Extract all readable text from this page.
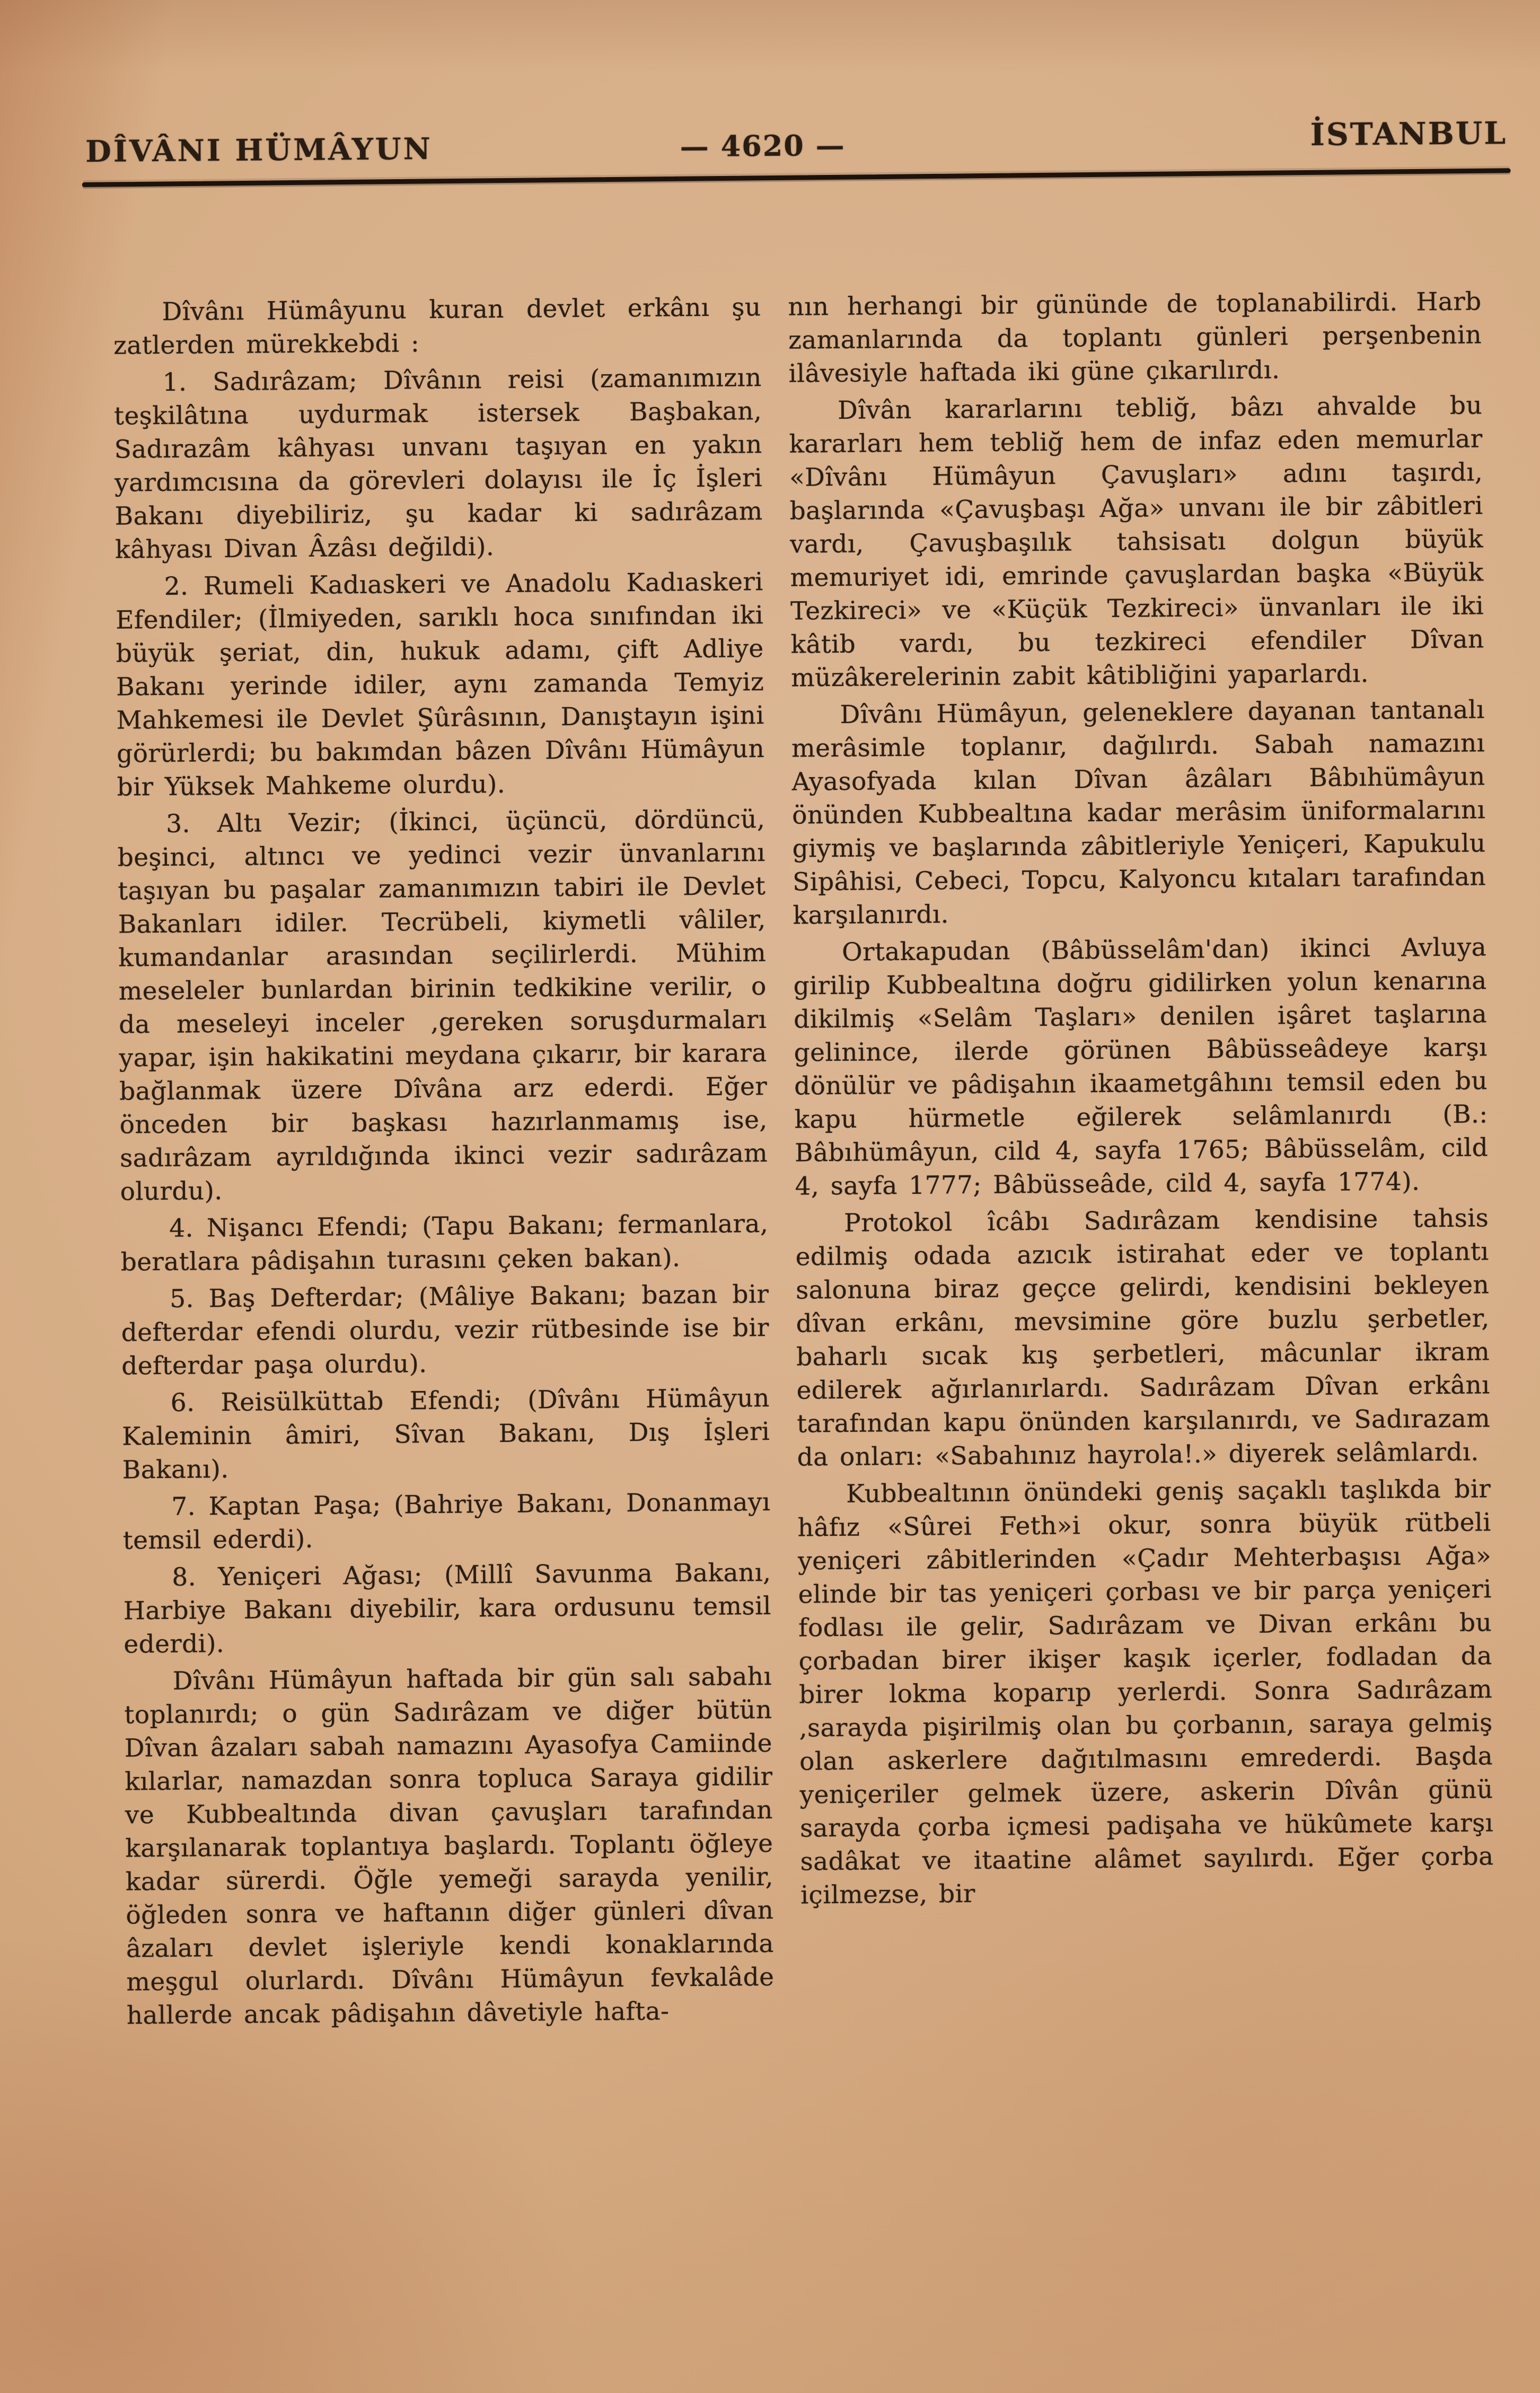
DÎVÂNI HÜMÂYUN	— 4620 —	İSTANBUL

Dîvânı Hümâyunu kuran devlet erkânı şu zatlerden mürekkebdi :

1. Sadırâzam; Dîvânın reisi (zamanımızın teşkilâtına uydurmak istersek Başbakan, Sadırazâm kâhyası unvanı taşıyan en yakın yardımcısına da görevleri dolayısı ile İç İşleri Bakanı diyebiliriz, şu kadar ki sadırâzam kâhyası Divan Âzâsı değildi).

2. Rumeli Kadıaskeri ve Anadolu Kadıaskeri Efendiler; (İlmiyeden, sarıklı hoca sınıfından iki büyük şeriat, din, hukuk adamı, çift Adliye Bakanı yerinde idiler, aynı zamanda Temyiz Mahkemesi ile Devlet Şûrâsının, Danıştayın işini görürlerdi; bu bakımdan bâzen Dîvânı Hümâyun bir Yüksek Mahkeme olurdu).

3. Altı Vezir; (İkinci, üçüncü, dördüncü, beşinci, altıncı ve yedinci vezir ünvanlarını taşıyan bu paşalar zamanımızın tabiri ile Devlet Bakanları idiler. Tecrübeli, kiymetli vâliler, kumandanlar arasından seçilirlerdi. Mühim meseleler bunlardan birinin tedkikine verilir, o da meseleyi inceler ,gereken soruşdurmaları yapar, işin hakikatini meydana çıkarır, bir karara bağlanmak üzere Dîvâna arz ederdi. Eğer önceden bir başkası hazırlanmamış ise, sadırâzam ayrıldığında ikinci vezir sadırâzam olurdu).

4. Nişancı Efendi; (Tapu Bakanı; fermanlara, beratlara pâdişahın turasını çeken bakan).

5. Baş Defterdar; (Mâliye Bakanı; bazan bir defterdar efendi olurdu, vezir rütbesinde ise bir defterdar paşa olurdu).

6. Reisülküttab Efendi; (Dîvânı Hümâyun Kaleminin âmiri, Sîvan Bakanı, Dış İşleri Bakanı).

7. Kaptan Paşa; (Bahriye Bakanı, Donanmayı temsil ederdi).

8. Yeniçeri Ağası; (Millî Savunma Bakanı, Harbiye Bakanı diyebilir, kara ordusunu temsil ederdi).

Dîvânı Hümâyun haftada bir gün salı sabahı toplanırdı; o gün Sadırâzam ve diğer bütün Dîvan âzaları sabah namazını Ayasofya Camiinde kılarlar, namazdan sonra topluca Saraya gidilir ve Kubbealtında divan çavuşları tarafından karşılanarak toplantıya başlardı. Toplantı öğleye kadar sürerdi. Öğle yemeği sarayda yenilir, öğleden sonra ve haftanın diğer günleri dîvan âzaları devlet işleriyle kendi konaklarında meşgul olurlardı. Dîvânı Hümâyun fevkalâde hallerde ancak pâdişahın dâvetiyle hafta-

nın herhangi bir gününde de toplanabilirdi. Harb zamanlarında da toplantı günleri perşenbenin ilâvesiyle haftada iki güne çıkarılırdı.

Dîvân kararlarını tebliğ, bâzı ahvalde bu kararları hem tebliğ hem de infaz eden memurlar «Dîvânı Hümâyun Çavuşları» adını taşırdı, başlarında «Çavuşbaşı Ağa» unvanı ile bir zâbitleri vardı, Çavuşbaşılık tahsisatı dolgun büyük memuriyet idi, emrinde çavuşlardan başka «Büyük Tezkireci» ve «Küçük Tezkireci» ünvanları ile iki kâtib vardı, bu tezkireci efendiler Dîvan müzâkerelerinin zabit kâtibliğini yaparlardı.

Dîvânı Hümâyun, geleneklere dayanan tantanalı merâsimle toplanır, dağılırdı. Sabah namazını Ayasofyada kılan Dîvan âzâları Bâbıhümâyun önünden Kubbealtına kadar merâsim üniformalarını giymiş ve başlarında zâbitleriyle Yeniçeri, Kapukulu Sipâhisi, Cebeci, Topcu, Kalyoncu kıtaları tarafından karşılanırdı.

Ortakapudan (Bâbüsselâm'dan) ikinci Avluya girilip Kubbealtına doğru gidilirken yolun kenarına dikilmiş «Selâm Taşları» denilen işâret taşlarına gelinince, ilerde görünen Bâbüsseâdeye karşı dönülür ve pâdişahın ikaametgâhını temsil eden bu kapu hürmetle eğilerek selâmlanırdı (B.: Bâbıhümâyun, cild 4, sayfa 1765; Bâbüsselâm, cild 4, sayfa 1777; Bâbüsseâde, cild 4, sayfa 1774).

Protokol îcâbı Sadırâzam kendisine tahsis edilmiş odada azıcık istirahat eder ve toplantı salonuna biraz geçce gelirdi, kendisini bekleyen dîvan erkânı, mevsimine göre buzlu şerbetler, baharlı sıcak kış şerbetleri, mâcunlar ikram edilerek ağırlanırlardı. Sadırâzam Dîvan erkânı tarafından kapu önünden karşılanırdı, ve Sadırazam da onları: «Sabahınız hayrola!.» diyerek selâmlardı.

Kubbealtının önündeki geniş saçaklı taşlıkda bir hâfız «Sûrei Feth»i okur, sonra büyük rütbeli yeniçeri zâbitlerinden «Çadır Mehterbaşısı Ağa» elinde bir tas yeniçeri çorbası ve bir parça yeniçeri fodlası ile gelir, Sadırâzam ve Divan erkânı bu çorbadan birer ikişer kaşık içerler, fodladan da birer lokma koparıp yerlerdi. Sonra Sadırâzam ,sarayda pişirilmiş olan bu çorbanın, saraya gelmiş olan askerlere dağıtılmasını emrederdi. Başda yeniçeriler gelmek üzere, askerin Dîvân günü sarayda çorba içmesi padişaha ve hükûmete karşı sadâkat ve itaatine alâmet sayılırdı. Eğer çorba içilmezse, bir
